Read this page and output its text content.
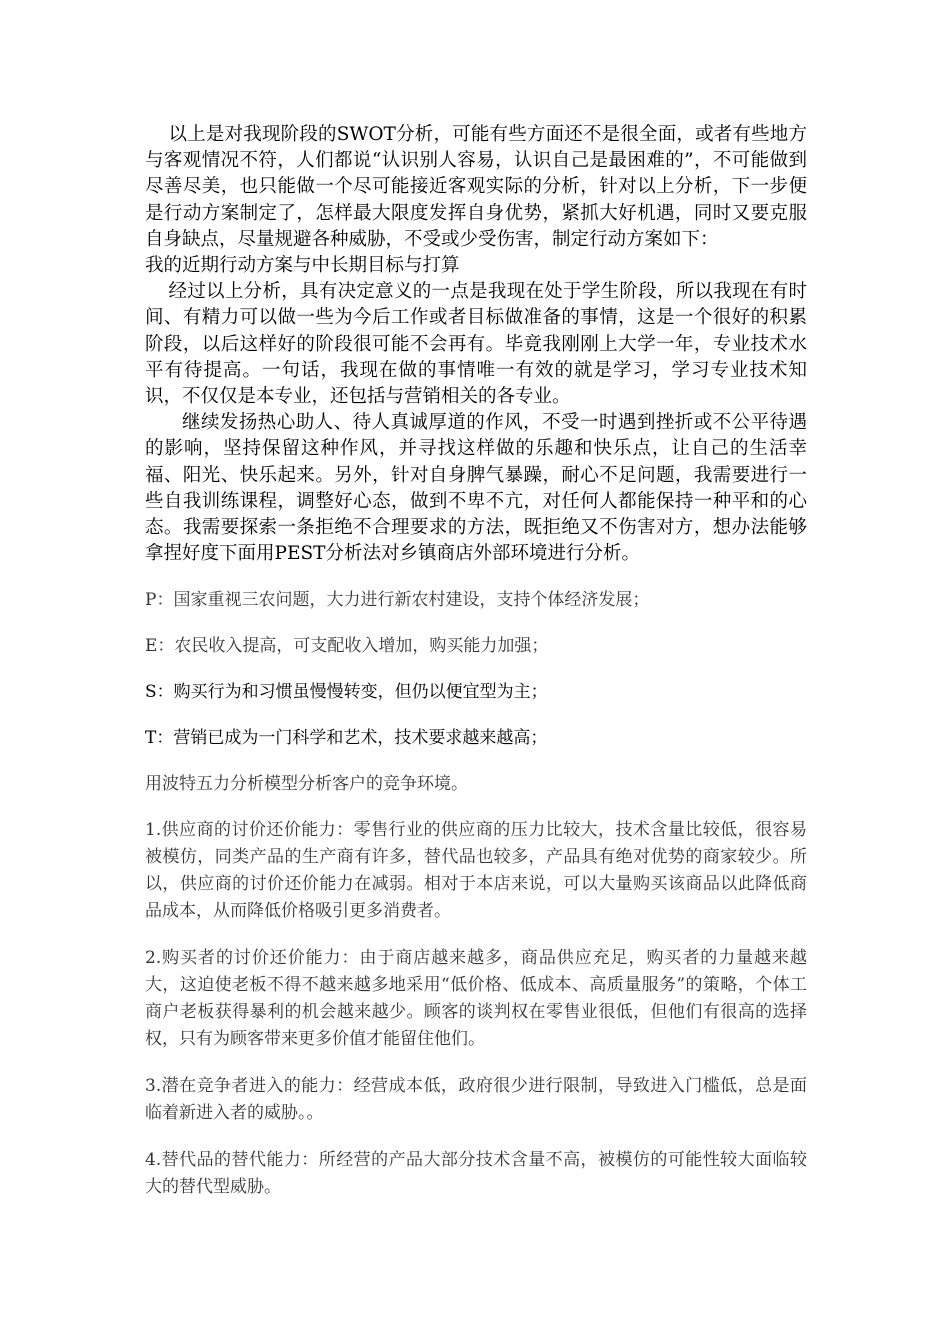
以上是对我现阶段的SWOT分析，可能有些方面还不是很全面，或者有些地方与客观情况不符，人们都说“认识别人容易，认识自己是最困难的”，不可能做到尽善尽美，也只能做一个尽可能接近客观实际的分析，针对以上分析，下一步便是行动方案制定了，怎样最大限度发挥自身优势，紧抓大好机遇，同时又要克服自身缺点，尽量规避各种威胁，不受或少受伤害，制定行动方案如下：

我的近期行动方案与中长期目标与打算

经过以上分析，具有决定意义的一点是我现在处于学生阶段，所以我现在有时间、有精力可以做一些为今后工作或者目标做准备的事情，这是一个很好的积累阶段，以后这样好的阶段很可能不会再有。毕竟我刚刚上大学一年，专业技术水平有待提高。一句话，我现在做的事情唯一有效的就是学习，学习专业技术知识，不仅仅是本专业，还包括与营销相关的各专业。

继续发扬热心助人、待人真诚厚道的作风，不受一时遇到挫折或不公平待遇的影响，坚持保留这种作风，并寻找这样做的乐趣和快乐点，让自己的生活幸福、阳光、快乐起来。另外，针对自身脾气暴躁，耐心不足问题，我需要进行一些自我训练课程，调整好心态，做到不卑不亢，对任何人都能保持一种平和的心态。我需要探索一条拒绝不合理要求的方法，既拒绝又不伤害对方，想办法能够拿捏好度下面用PEST分析法对乡镇商店外部环境进行分析。

P：国家重视三农问题，大力进行新农村建设，支持个体经济发展；

E：农民收入提高，可支配收入增加，购买能力加强；

S：购买行为和习惯虽慢慢转变，但仍以便宜型为主；

T：营销已成为一门科学和艺术，技术要求越来越高；

用波特五力分析模型分析客户的竞争环境。

1.供应商的讨价还价能力：零售行业的供应商的压力比较大，技术含量比较低，很容易被模仿，同类产品的生产商有许多，替代品也较多，产品具有绝对优势的商家较少。所以，供应商的讨价还价能力在减弱。相对于本店来说，可以大量购买该商品以此降低商品成本，从而降低价格吸引更多消费者。

2.购买者的讨价还价能力：由于商店越来越多，商品供应充足，购买者的力量越来越大，这迫使老板不得不越来越多地采用“低价格、低成本、高质量服务”的策略，个体工商户老板获得暴利的机会越来越少。顾客的谈判权在零售业很低，但他们有很高的选择权，只有为顾客带来更多价值才能留住他们。

3.潜在竞争者进入的能力：经营成本低，政府很少进行限制，导致进入门槛低，总是面临着新进入者的威胁。。

4.替代品的替代能力：所经营的产品大部分技术含量不高，被模仿的可能性较大面临较大的替代型威胁。
